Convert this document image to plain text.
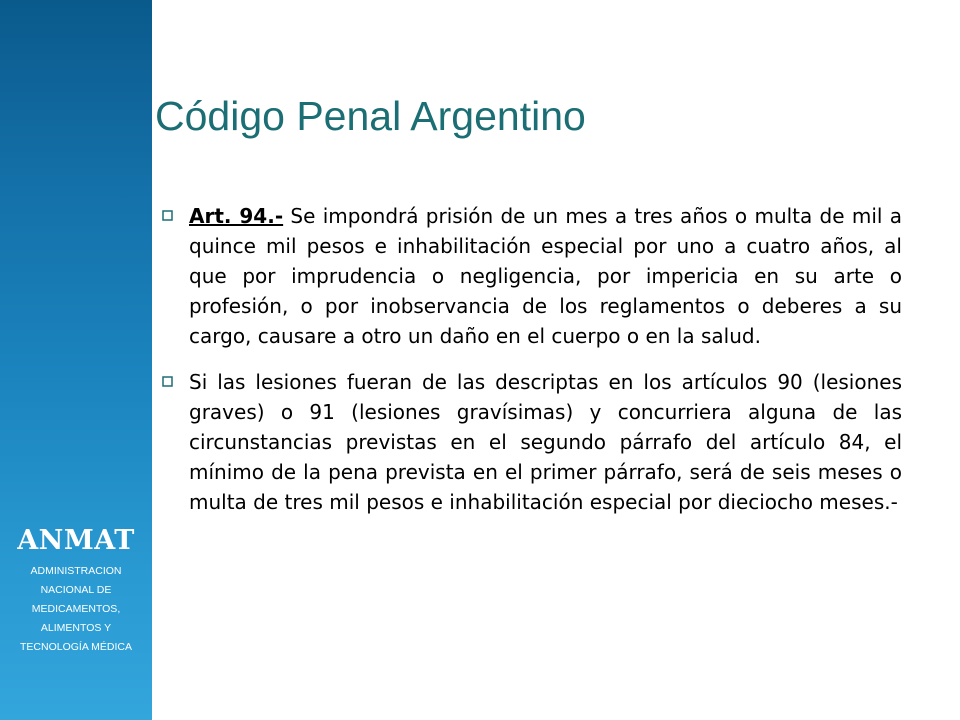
ANMAT
ADMINISTRACION
NACIONAL DE
MEDICAMENTOS,
ALIMENTOS Y
TECNOLOGÍA MÉDICA
Código Penal Argentino
Art. 94.- Se impondrá prisión de un mes a tres años o multa de mil a quince mil pesos e inhabilitación especial por uno a cuatro años, al que por imprudencia o negligencia, por impericia en su arte o profesión, o por inobservancia de los reglamentos o deberes a su cargo, causare a otro un daño en el cuerpo o en la salud.
Si las lesiones fueran de las descriptas en los artículos 90 (lesiones graves) o 91 (lesiones gravísimas) y concurriera alguna de las circunstancias previstas en el segundo párrafo del artículo 84, el mínimo de la pena prevista en el primer párrafo, será de seis meses o multa de tres mil pesos e inhabilitación especial por dieciocho meses.-
